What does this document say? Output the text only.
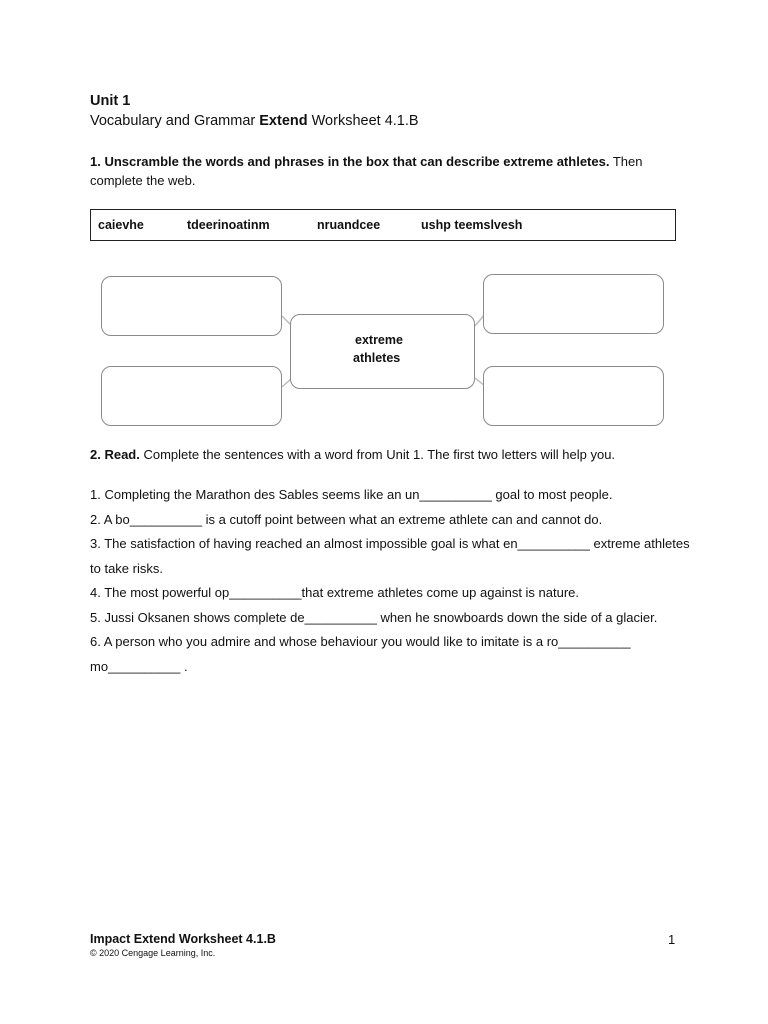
Unit 1
Vocabulary and Grammar Extend Worksheet 4.1.B
1. Unscramble the words and phrases in the box that can describe extreme athletes. Then complete the web.
caievhe	tdeerinoatinm	nruandcee	ushp teemslvesh
extreme
athletes
2. Read. Complete the sentences with a word from Unit 1. The first two letters will help you.
1. Completing the Marathon des Sables seems like an un__________ goal to most people.
2. A bo__________ is a cutoff point between what an extreme athlete can and cannot do.
3. The satisfaction of having reached an almost impossible goal is what en__________ extreme athletes to take risks.
4. The most powerful op__________that extreme athletes come up against is nature.
5. Jussi Oksanen shows complete de__________ when he snowboards down the side of a glacier.
6. A person who you admire and whose behaviour you would like to imitate is a ro__________ mo__________ .
Impact Extend Worksheet 4.1.B
© 2020 Cengage Learning, Inc.
1
